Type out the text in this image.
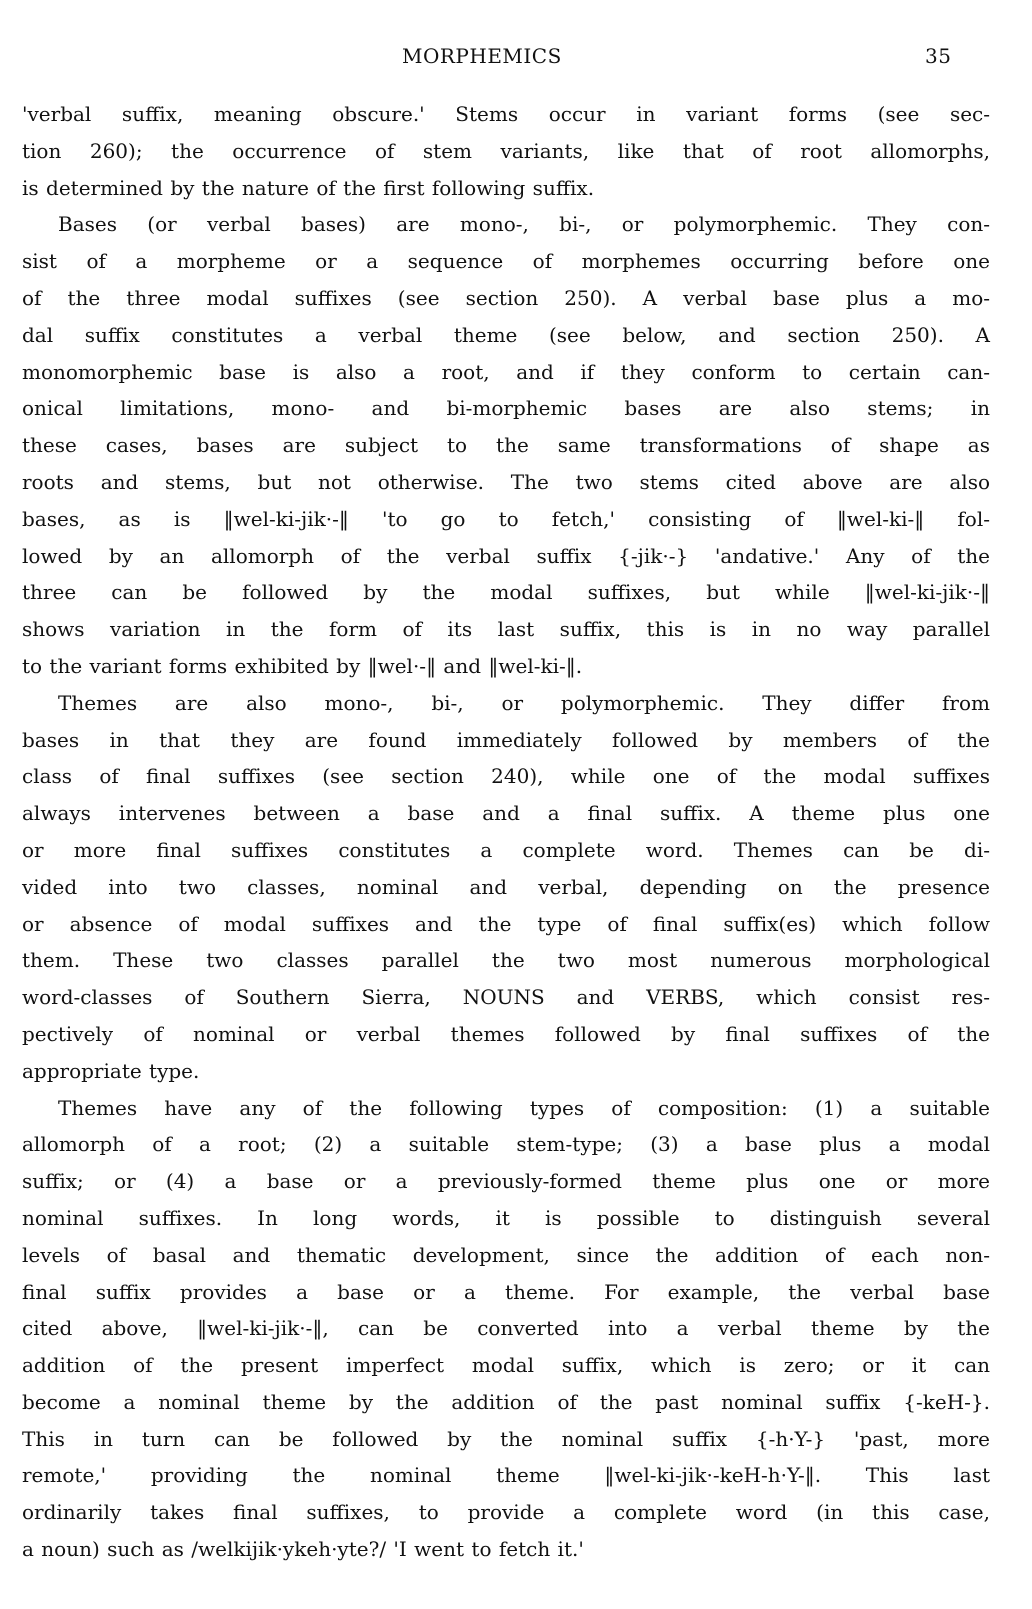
MORPHEMICS	35
'verbal suffix, meaning obscure.' Stems occur in variant forms (see sec-
tion 260); the occurrence of stem variants, like that of root allomorphs,
is determined by the nature of the first following suffix.
Bases (or verbal bases) are mono-, bi-, or polymorphemic. They con-
sist of a morpheme or a sequence of morphemes occurring before one
of the three modal suffixes (see section 250). A verbal base plus a mo-
dal suffix constitutes a verbal theme (see below, and section 250). A
monomorphemic base is also a root, and if they conform to certain can-
onical limitations, mono- and bi-morphemic bases are also stems; in
these cases, bases are subject to the same transformations of shape as
roots and stems, but not otherwise. The two stems cited above are also
bases, as is ‖wel-ki-jik·-‖ 'to go to fetch,' consisting of ‖wel-ki-‖ fol-
lowed by an allomorph of the verbal suffix {-jik·-} 'andative.' Any of the
three can be followed by the modal suffixes, but while ‖wel-ki-jik·-‖
shows variation in the form of its last suffix, this is in no way parallel
to the variant forms exhibited by ‖wel·-‖ and ‖wel-ki-‖.
Themes are also mono-, bi-, or polymorphemic. They differ from
bases in that they are found immediately followed by members of the
class of final suffixes (see section 240), while one of the modal suffixes
always intervenes between a base and a final suffix. A theme plus one
or more final suffixes constitutes a complete word. Themes can be di-
vided into two classes, nominal and verbal, depending on the presence
or absence of modal suffixes and the type of final suffix(es) which follow
them. These two classes parallel the two most numerous morphological
word-classes of Southern Sierra, NOUNS and VERBS, which consist res-
pectively of nominal or verbal themes followed by final suffixes of the
appropriate type.
Themes have any of the following types of composition: (1) a suitable
allomorph of a root; (2) a suitable stem-type; (3) a base plus a modal
suffix; or (4) a base or a previously-formed theme plus one or more
nominal suffixes. In long words, it is possible to distinguish several
levels of basal and thematic development, since the addition of each non-
final suffix provides a base or a theme. For example, the verbal base
cited above, ‖wel-ki-jik·-‖, can be converted into a verbal theme by the
addition of the present imperfect modal suffix, which is zero; or it can
become a nominal theme by the addition of the past nominal suffix {-keH-}.
This in turn can be followed by the nominal suffix {-h·Y-} 'past, more
remote,' providing the nominal theme ‖wel-ki-jik·-keH-h·Y-‖. This last
ordinarily takes final suffixes, to provide a complete word (in this case,
a noun) such as /welkijik·ykeh·yte?/ 'I went to fetch it.'
